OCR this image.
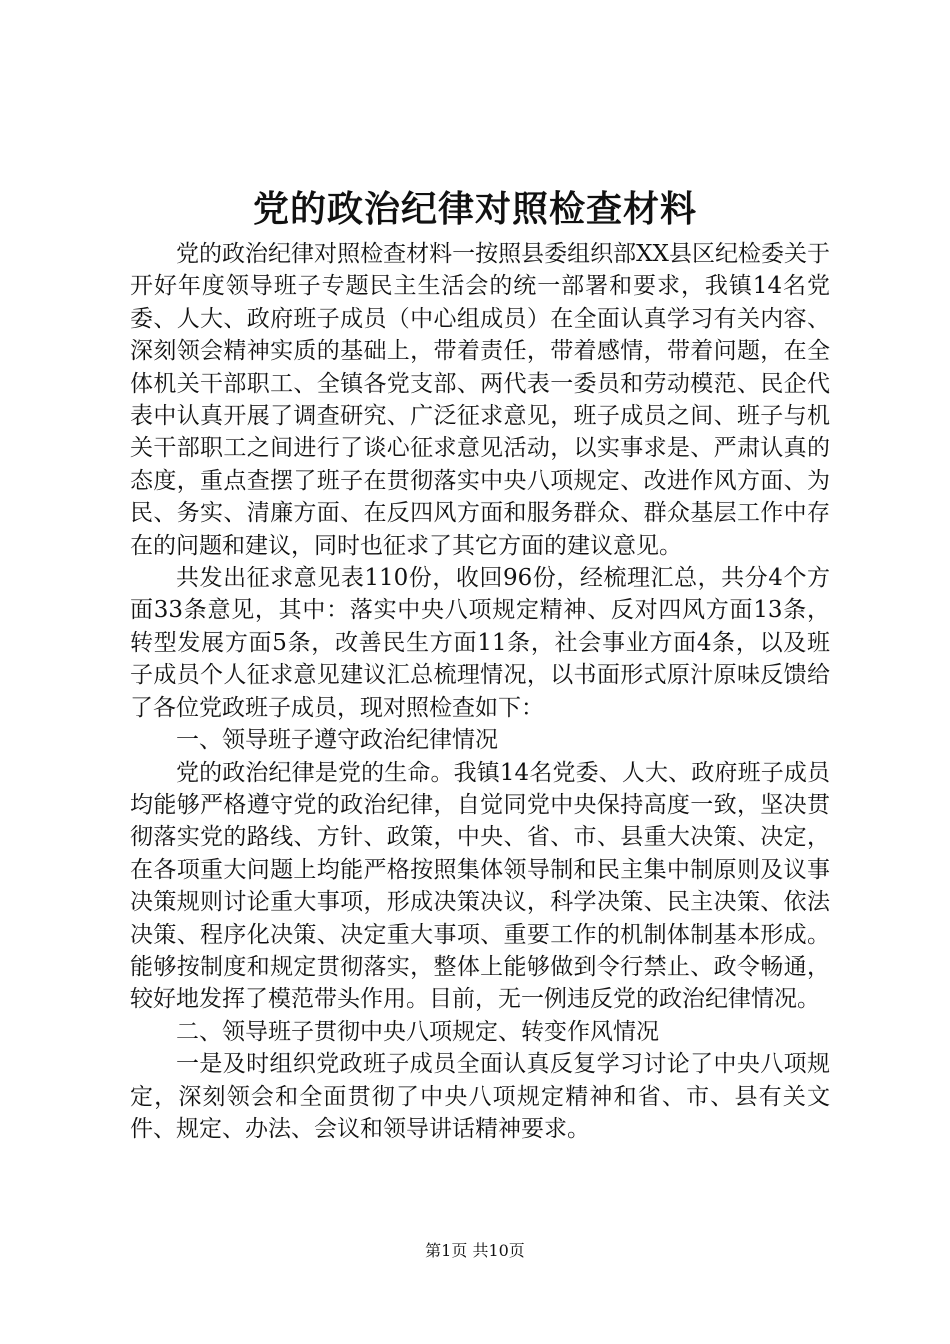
党的政治纪律对照检查材料

党的政治纪律对照检查材料一按照县委组织部XX县区纪检委关于开好年度领导班子专题民主生活会的统一部署和要求，我镇14名党委、人大、政府班子成员（中心组成员）在全面认真学习有关内容、深刻领会精神实质的基础上，带着责任，带着感情，带着问题，在全体机关干部职工、全镇各党支部、两代表一委员和劳动模范、民企代表中认真开展了调查研究、广泛征求意见，班子成员之间、班子与机关干部职工之间进行了谈心征求意见活动，以实事求是、严肃认真的态度，重点查摆了班子在贯彻落实中央八项规定、改进作风方面、为民、务实、清廉方面、在反四风方面和服务群众、群众基层工作中存在的问题和建议，同时也征求了其它方面的建议意见。

共发出征求意见表110份，收回96份，经梳理汇总，共分4个方面33条意见，其中：落实中央八项规定精神、反对四风方面13条，转型发展方面5条，改善民生方面11条，社会事业方面4条，以及班子成员个人征求意见建议汇总梳理情况，以书面形式原汁原味反馈给了各位党政班子成员，现对照检查如下：

一、领导班子遵守政治纪律情况

党的政治纪律是党的生命。我镇14名党委、人大、政府班子成员均能够严格遵守党的政治纪律，自觉同党中央保持高度一致，坚决贯彻落实党的路线、方针、政策，中央、省、市、县重大决策、决定，在各项重大问题上均能严格按照集体领导制和民主集中制原则及议事决策规则讨论重大事项，形成决策决议，科学决策、民主决策、依法决策、程序化决策、决定重大事项、重要工作的机制体制基本形成。能够按制度和规定贯彻落实，整体上能够做到令行禁止、政令畅通，较好地发挥了模范带头作用。目前，无一例违反党的政治纪律情况。

二、领导班子贯彻中央八项规定、转变作风情况

一是及时组织党政班子成员全面认真反复学习讨论了中央八项规定，深刻领会和全面贯彻了中央八项规定精神和省、市、县有关文件、规定、办法、会议和领导讲话精神要求。

第1页 共10页
